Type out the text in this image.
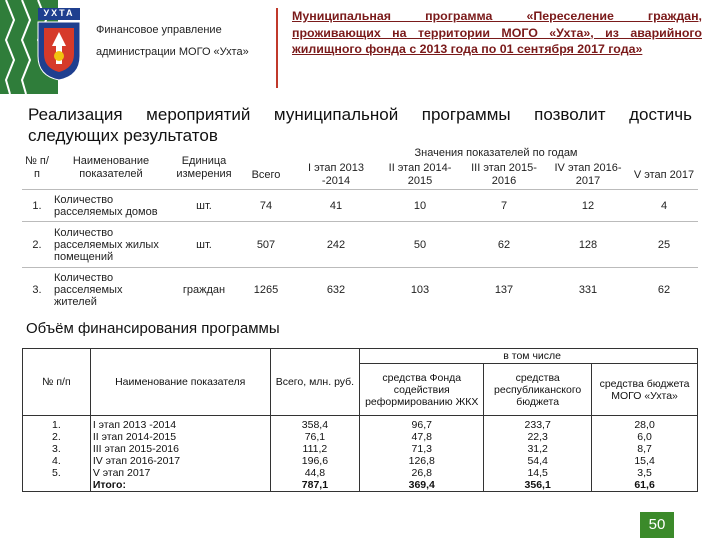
УХТА
Финансовое управление
администрации МОГО «Ухта»
Муниципальная программа «Переселение граждан, проживающих на территории МОГО «Ухта», из аварийного жилищного фонда с 2013 года по 01 сентября 2017 года»
Реализация мероприятий муниципальной программы позволит достичь следующих результатов
№ п/п	Наименование показателей	Единица измерения		Значения показателей по годам				
			Всего	I этап 2013 -2014	II этап 2014-2015	III этап 2015-2016	IV этап 2016-2017	V этап 2017
1.	Количество расселяемых домов	шт.	74	41	10	7	12	4
2.	Количество расселяемых жилых помещений	шт.	507	242	50	62	128	25
3.	Количество расселяемых жителей	граждан	1265	632	103	137	331	62
Объём финансирования программы
№ п/п	Наименование показателя	Всего, млн. руб.	в том числе		
			средства Фонда содействия реформированию ЖКХ	средства республиканского бюджета	средства бюджета МОГО «Ухта»
1.	I этап 2013 -2014	358,4	96,7	233,7	28,0
2.	II этап 2014-2015	76,1	47,8	22,3	6,0
3.	III этап 2015-2016	111,2	71,3	31,2	8,7
4.	IV этап 2016-2017	196,6	126,8	54,4	15,4
5.	V этап 2017	44,8	26,8	14,5	3,5
	Итого:	787,1	369,4	356,1	61,6
50
